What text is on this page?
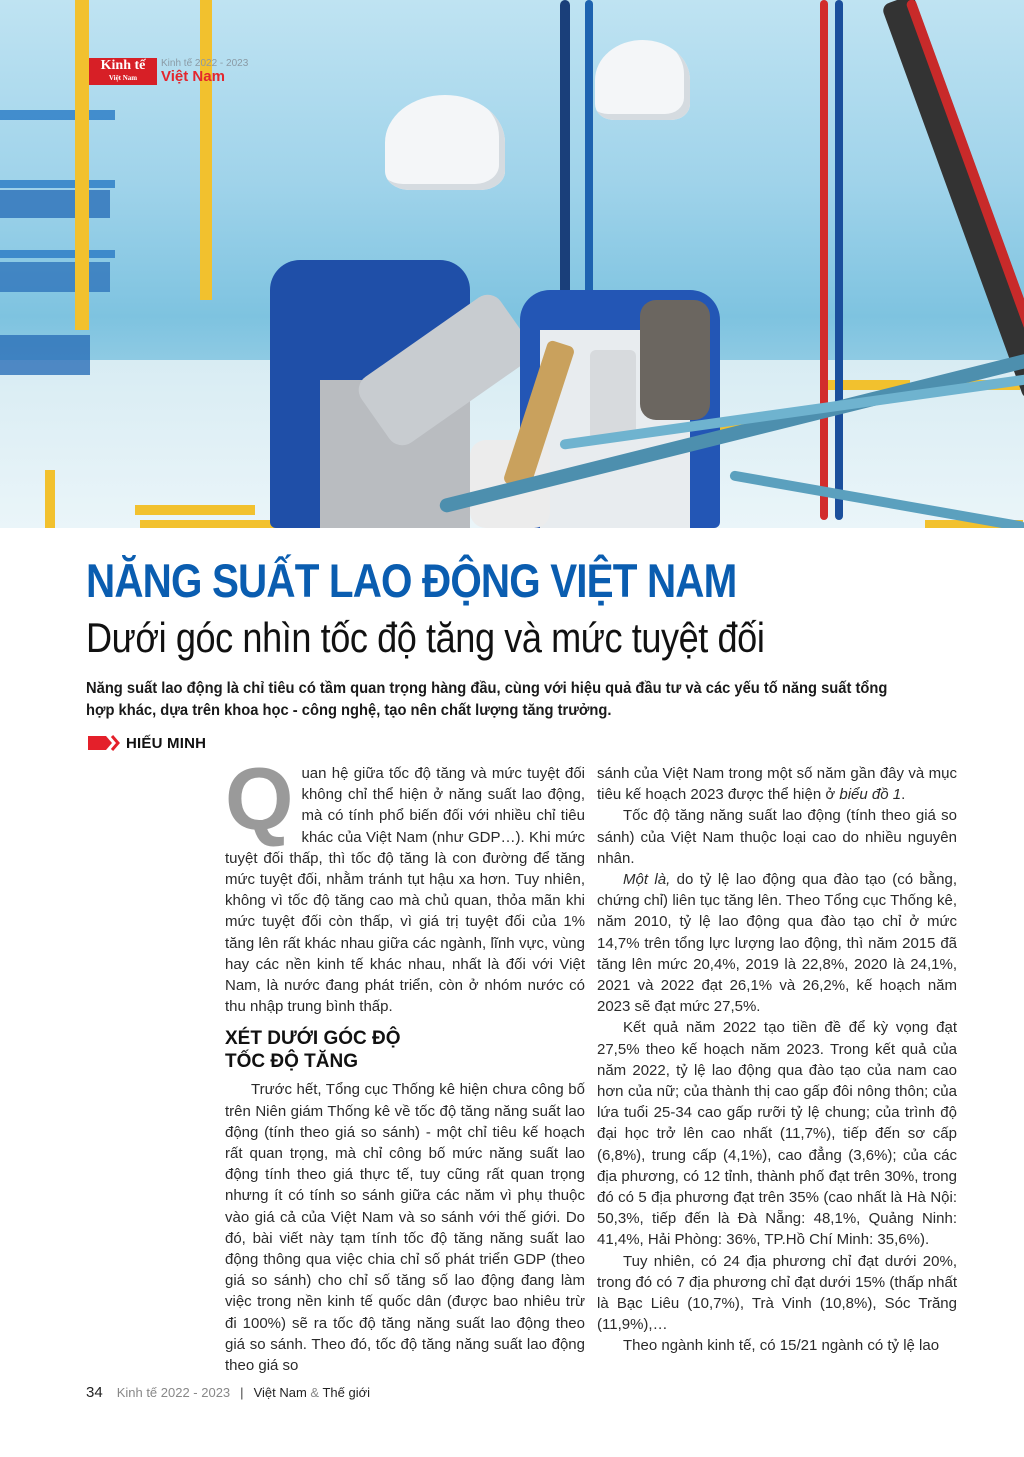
Kinh tế
Việt Nam
Kinh tế 2022 - 2023
Việt Nam
NĂNG SUẤT LAO ĐỘNG VIỆT NAM
Dưới góc nhìn tốc độ tăng và mức tuyệt đối

Năng suất lao động là chỉ tiêu có tầm quan trọng hàng đầu, cùng với hiệu quả đầu tư và các yếu tố năng suất tổng hợp khác, dựa trên khoa học - công nghệ, tạo nên chất lượng tăng trưởng.

HIẾU MINH

Quan hệ giữa tốc độ tăng và mức tuyệt đối không chỉ thể hiện ở năng suất lao động, mà có tính phổ biến đối với nhiều chỉ tiêu khác của Việt Nam (như GDP…). Khi mức tuyệt đối thấp, thì tốc độ tăng là con đường để tăng mức tuyệt đối, nhằm tránh tụt hậu xa hơn. Tuy nhiên, không vì tốc độ tăng cao mà chủ quan, thỏa mãn khi mức tuyệt đối còn thấp, vì giá trị tuyệt đối của 1% tăng lên rất khác nhau giữa các ngành, lĩnh vực, vùng hay các nền kinh tế khác nhau, nhất là đối với Việt Nam, là nước đang phát triển, còn ở nhóm nước có thu nhập trung bình thấp.

XÉT DƯỚI GÓC ĐỘ
TỐC ĐỘ TĂNG

Trước hết, Tổng cục Thống kê hiện chưa công bố trên Niên giám Thống kê về tốc độ tăng năng suất lao động (tính theo giá so sánh) - một chỉ tiêu kế hoạch rất quan trọng, mà chỉ công bố mức năng suất lao động tính theo giá thực tế, tuy cũng rất quan trọng nhưng ít có tính so sánh giữa các năm vì phụ thuộc vào giá cả của Việt Nam và so sánh với thế giới. Do đó, bài viết này tạm tính tốc độ tăng năng suất lao động thông qua việc chia chỉ số phát triển GDP (theo giá so sánh) cho chỉ số tăng số lao động đang làm việc trong nền kinh tế quốc dân (được bao nhiêu trừ đi 100%) sẽ ra tốc độ tăng năng suất lao động theo giá so sánh. Theo đó, tốc độ tăng năng suất lao động theo giá so

sánh của Việt Nam trong một số năm gần đây và mục tiêu kế hoạch 2023 được thể hiện ở biểu đồ 1.

Tốc độ tăng năng suất lao động (tính theo giá so sánh) của Việt Nam thuộc loại cao do nhiều nguyên nhân.

Một là, do tỷ lệ lao động qua đào tạo (có bằng, chứng chỉ) liên tục tăng lên. Theo Tổng cục Thống kê, năm 2010, tỷ lệ lao động qua đào tạo chỉ ở mức 14,7% trên tổng lực lượng lao động, thì năm 2015 đã tăng lên mức 20,4%, 2019 là 22,8%, 2020 là 24,1%, 2021 và 2022 đạt 26,1% và 26,2%, kế hoạch năm 2023 sẽ đạt mức 27,5%.

Kết quả năm 2022 tạo tiền đề để kỳ vọng đạt 27,5% theo kế hoạch năm 2023. Trong kết quả của năm 2022, tỷ lệ lao động qua đào tạo của nam cao hơn của nữ; của thành thị cao gấp đôi nông thôn; của lứa tuổi 25-34 cao gấp rưỡi tỷ lệ chung; của trình độ đại học trở lên cao nhất (11,7%), tiếp đến sơ cấp (6,8%), trung cấp (4,1%), cao đẳng (3,6%); của các địa phương, có 12 tỉnh, thành phố đạt trên 30%, trong đó có 5 địa phương đạt trên 35% (cao nhất là Hà Nội: 50,3%, tiếp đến là Đà Nẵng: 48,1%, Quảng Ninh: 41,4%, Hải Phòng: 36%, TP.Hồ Chí Minh: 35,6%).

Tuy nhiên, có 24 địa phương chỉ đạt dưới 20%, trong đó có 7 địa phương chỉ đạt dưới 15% (thấp nhất là Bạc Liêu (10,7%), Trà Vinh (10,8%), Sóc Trăng (11,9%),…

Theo ngành kinh tế, có 15/21 ngành có tỷ lệ lao

34 Kinh tế 2022 - 2023 | Việt Nam & Thế giới
